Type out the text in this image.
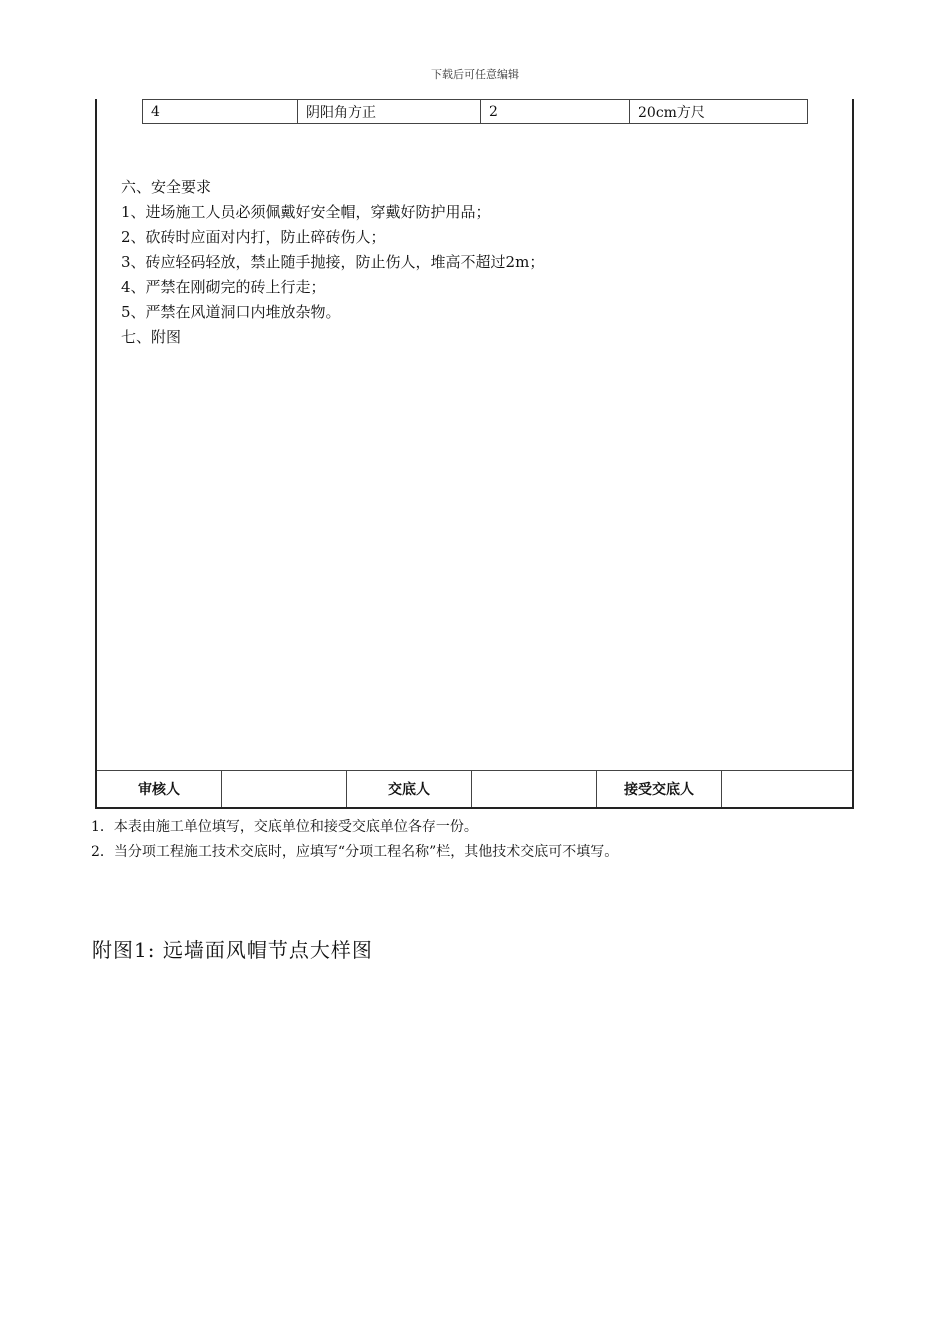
下载后可任意编辑
4	阴阳角方正	2	20cm方尺
六、安全要求
1、进场施工人员必须佩戴好安全帽，穿戴好防护用品；
2、砍砖时应面对内打，防止碎砖伤人；
3、砖应轻码轻放，禁止随手抛接，防止伤人，堆高不超过2m；
4、严禁在刚砌完的砖上行走；
5、严禁在风道洞口内堆放杂物。
七、附图
审核人	交底人	接受交底人
1．本表由施工单位填写，交底单位和接受交底单位各存一份。
2．当分项工程施工技术交底时，应填写“分项工程名称”栏，其他技术交底可不填写。
附图1: 远墙面风帽节点大样图
